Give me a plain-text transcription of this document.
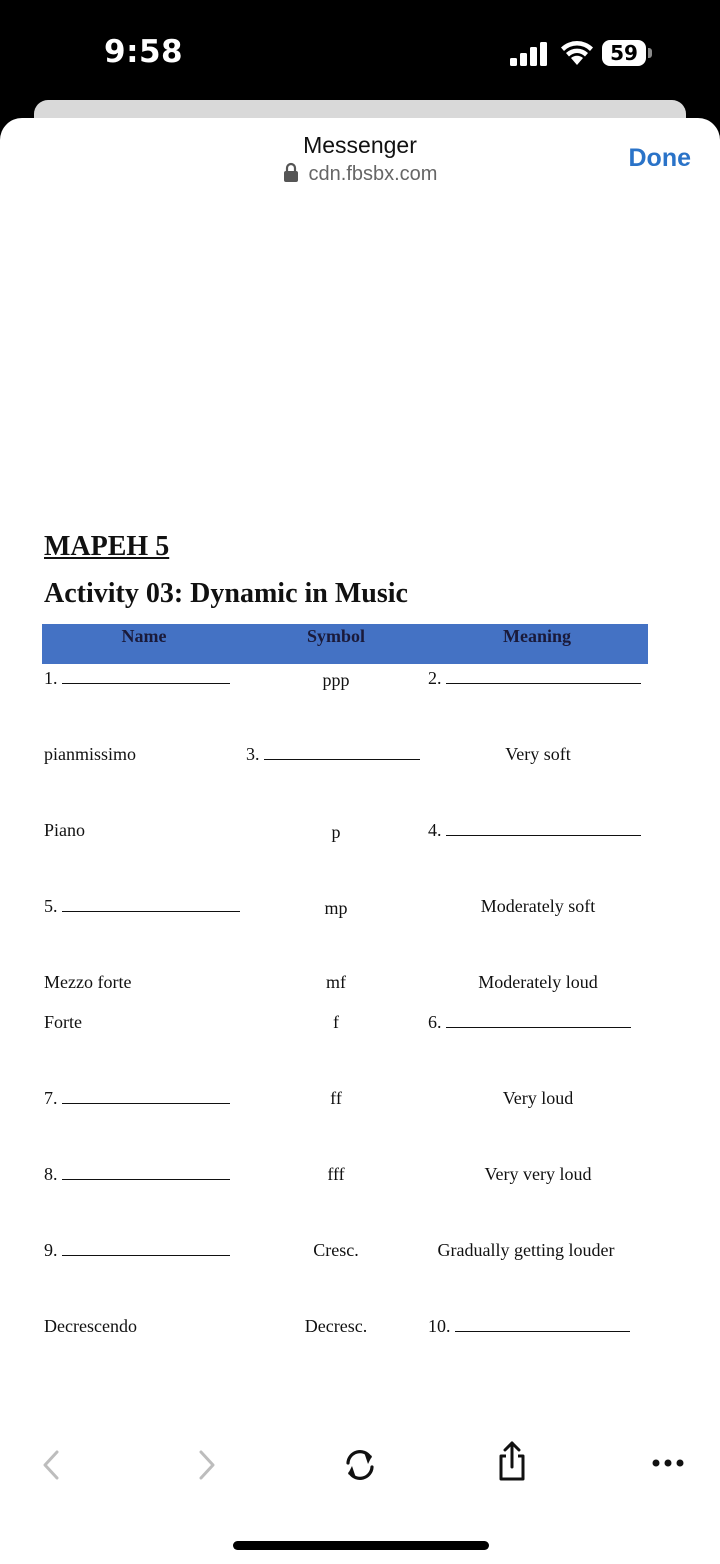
9:58	59
Messenger
cdn.fbsbx.com
Done
MAPEH 5
Activity 03: Dynamic in Music
Name	Symbol	Meaning
1.	ppp	2.
pianmissimo	3.	Very soft
Piano	p	4.
5.	mp	Moderately soft
Mezzo forte	mf	Moderately loud
Forte	f	6.
7.	ff	Very loud
8.	fff	Very very loud
9.	Cresc.	Gradually getting louder
Decrescendo	Decresc.	10.
